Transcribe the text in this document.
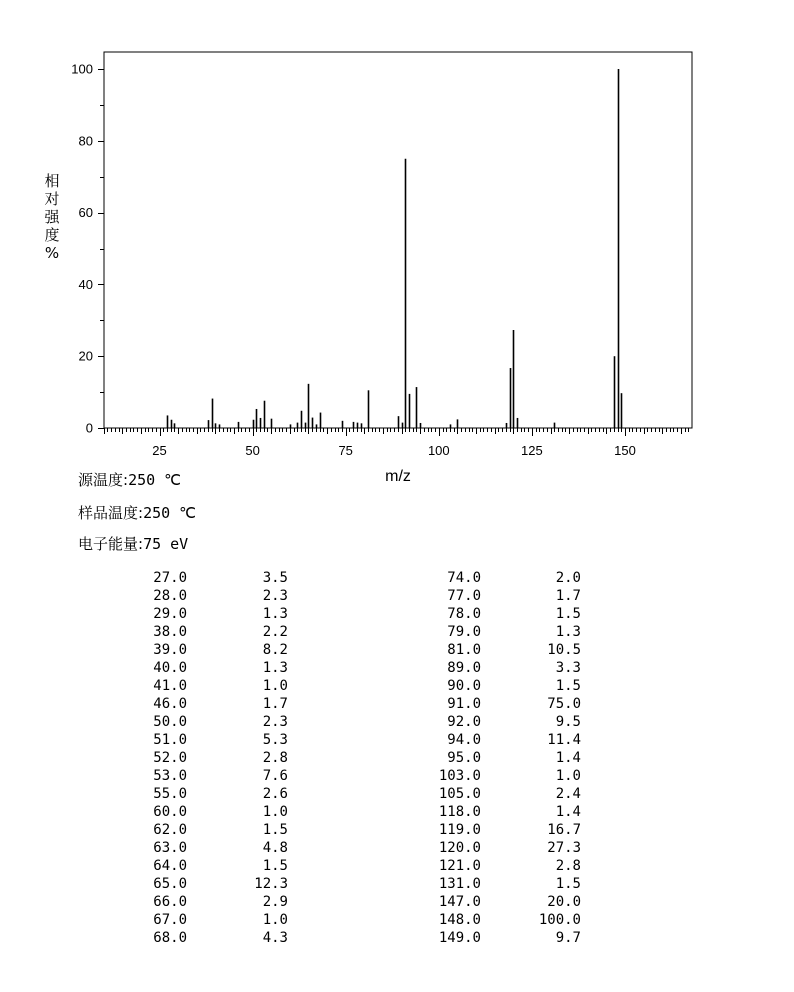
25	50	75	100	125	150
0
20
40
60
80
100
m/z
相对强度%
源温度:250 ℃
样品温度:250 ℃
电子能量:75 eV
27.0	3.5
28.0	2.3
29.0	1.3
38.0	2.2
39.0	8.2
40.0	1.3
41.0	1.0
46.0	1.7
50.0	2.3
51.0	5.3
52.0	2.8
53.0	7.6
55.0	2.6
60.0	1.0
62.0	1.5
63.0	4.8
64.0	1.5
65.0	12.3
66.0	2.9
67.0	1.0
68.0	4.3
74.0	2.0
77.0	1.7
78.0	1.5
79.0	1.3
81.0	10.5
89.0	3.3
90.0	1.5
91.0	75.0
92.0	9.5
94.0	11.4
95.0	1.4
103.0	1.0
105.0	2.4
118.0	1.4
119.0	16.7
120.0	27.3
121.0	2.8
131.0	1.5
147.0	20.0
148.0	100.0
149.0	9.7
